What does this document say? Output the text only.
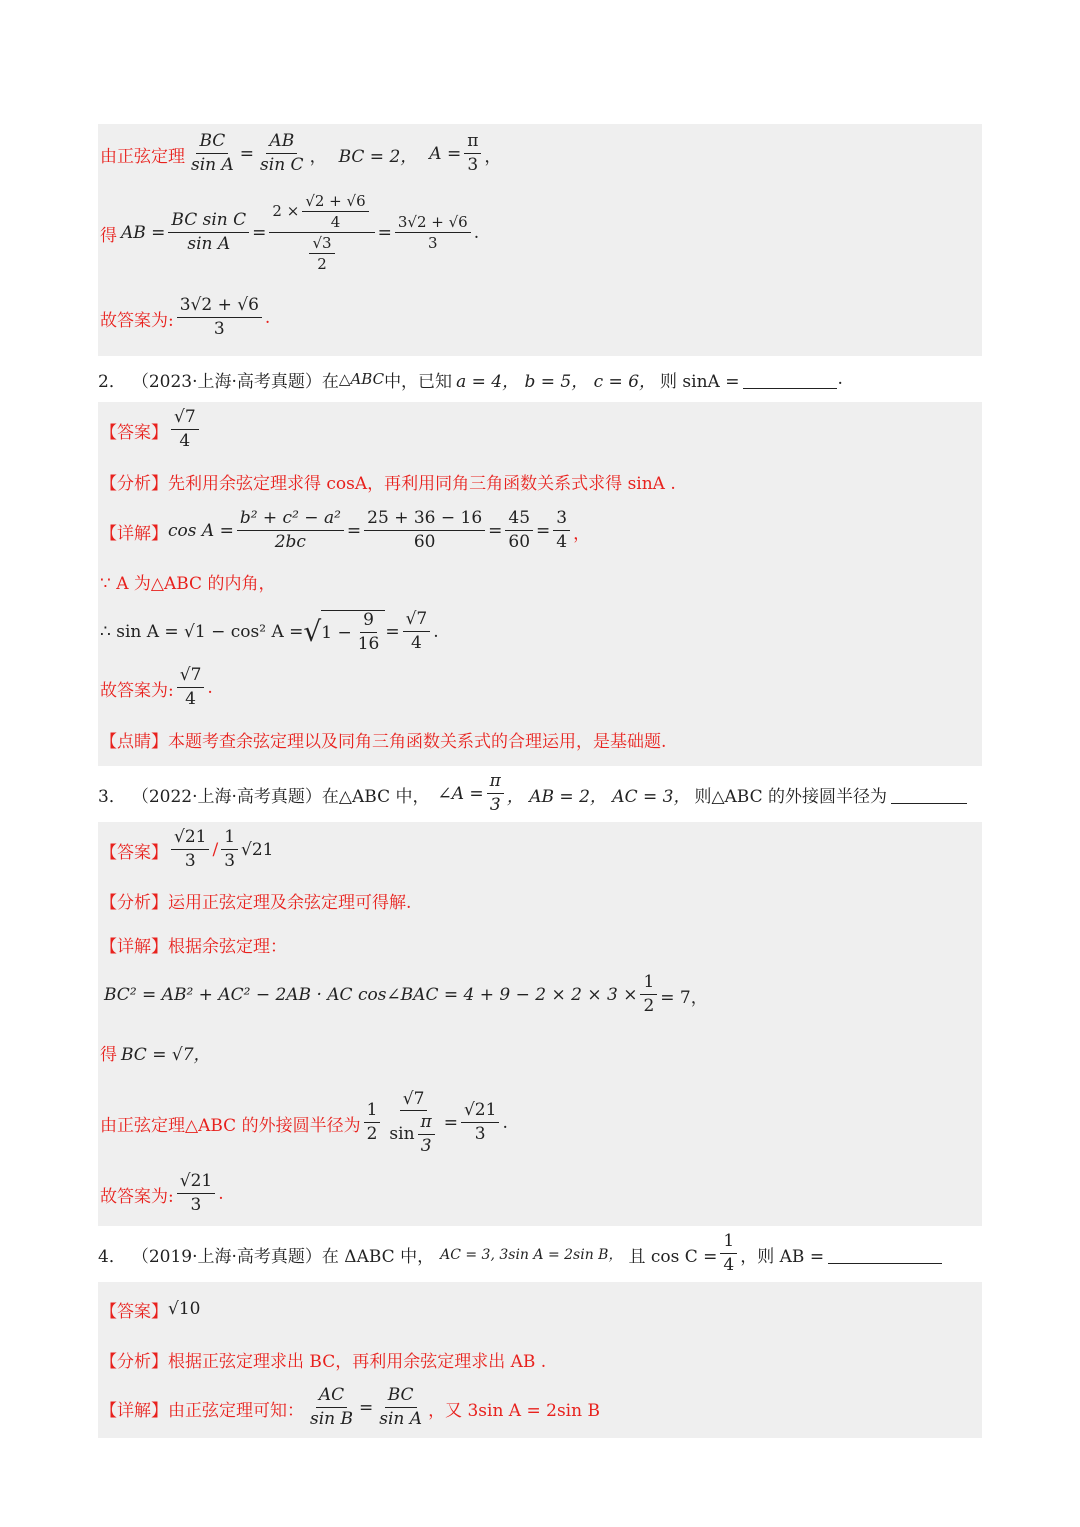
由正弦定理 $\frac{BC}{\text{sin A}} = \frac{AB}{\text{sin C}}$ ， BC = 2， $A = \frac{\pi}{3}$ ，
得 AB = $\frac{\text{BC sin C}}{\text{sin A}} = \frac{2 \times \frac{√2 + √6}{4}}{\frac{√3}{2}} = \frac{3√2 + √6}{3}$ .
故答案为: $\frac{3√2 + √6}{3}$ .
2． （2023·上海·高考真题） 在 △ABC 中，已知 a = 4， b = 5， c = 6， 则 sinA =	.
【答案】 $\frac{√7}{4}$
【分析】 先利用余弦定理求得 cosA，再利用同角三角函数关系式求得 sinA .
【详解】 $\cos A = \frac{\text{b² + c² − a²}}{2bc} = \frac{25 + 36 - 16}{60} = \frac{45}{60} = \frac{3}{4}$ ，
∵ A 为△ABC 的内角，
∴ sin A = √1 − cos² A = √ $1 - \frac{9}{16} = \frac{√7}{4}$ .
故答案为: $\frac{√7}{4}$ .
【点睛】 本题考查余弦定理以及同角三角函数关系式的合理运用，是基础题.
3． （2022·上海·高考真题） 在△ABC 中， ∠A = $\frac{\pi}{3}$ ， AB = 2， AC = 3， 则△ABC 的外接圆半径为
【答案】 $\frac{√21}{3} / \frac{1}{3} √21$
【分析】 运用正弦定理及余弦定理可得解.
【详解】 根据余弦定理：
BC² = AB² + AC² − 2AB · AC cos∠BAC = $4 + 9 - 2 \times 2 \times 3 \times \frac{1}{2} = 7$，
得 BC = √7，
由正弦定理△ABC 的外接圆半径为 $\frac{1}{2} \frac{√7}{\sin \frac{\pi}{3}} = \frac{√21}{3}$ .
故答案为: $\frac{√21}{3}$ .
4． （2019·上海·高考真题） 在 ΔABC 中， AC = 3, 3sin A = 2sin B， 且 $\cos C = \frac{1}{4}$ ，则 AB =
【答案】 √10
【分析】 根据正弦定理求出 BC，再利用余弦定理求出 AB .
【详解】 由正弦定理可知： $\frac{AC}{\text{sin B}} = \frac{BC}{\text{sin A}}$ ，又 3sin A = 2sin B
